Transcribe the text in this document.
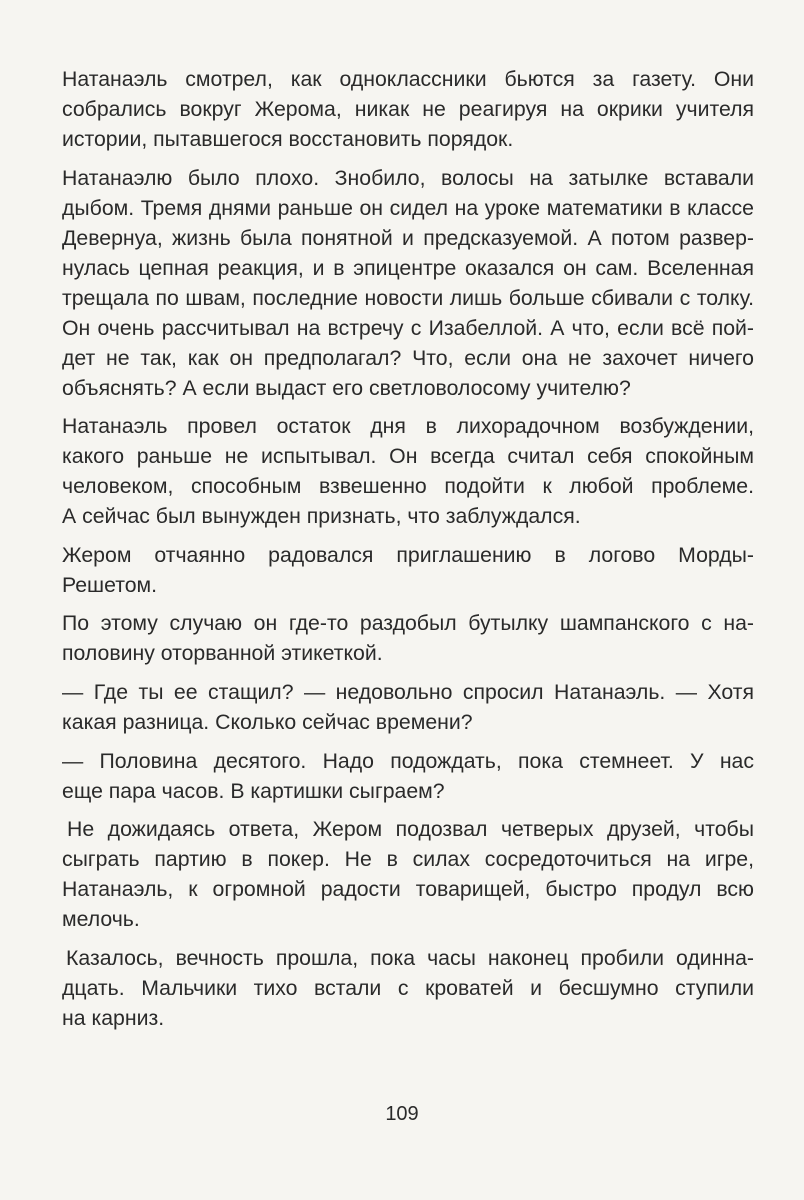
Натанаэль смотрел, как одноклассники бьются за газету. Они
собрались вокруг Жерома, никак не реагируя на окрики учителя
истории, пытавшегося восстановить порядок.
Натанаэлю было плохо. Знобило, волосы на затылке вставали
дыбом. Тремя днями раньше он сидел на уроке математики в классе
Девернуа, жизнь была понятной и предсказуемой. А потом развер-
нулась цепная реакция, и в эпицентре оказался он сам. Вселенная
трещала по швам, последние новости лишь больше сбивали с толку.
Он очень рассчитывал на встречу с Изабеллой. А что, если всё пой-
дет не так, как он предполагал? Что, если она не захочет ничего
объяснять? А если выдаст его светловолосому учителю?
Натанаэль провел остаток дня в лихорадочном возбуждении,
какого раньше не испытывал. Он всегда считал себя спокойным
человеком, способным взвешенно подойти к любой проблеме.
А сейчас был вынужден признать, что заблуждался.
Жером отчаянно радовался приглашению в логово Морды-
Решетом.
По этому случаю он где-то раздобыл бутылку шампанского с на-
половину оторванной этикеткой.
— Где ты ее стащил? — недовольно спросил Натанаэль. — Хотя
какая разница. Сколько сейчас времени?
— Половина десятого. Надо подождать, пока стемнеет. У нас
еще пара часов. В картишки сыграем?
Не дожидаясь ответа, Жером подозвал четверых друзей, чтобы
сыграть партию в покер. Не в силах сосредоточиться на игре,
Натанаэль, к огромной радости товарищей, быстро продул всю
мелочь.
Казалось, вечность прошла, пока часы наконец пробили одинна-
дцать. Мальчики тихо встали с кроватей и бесшумно ступили
на карниз.
109
